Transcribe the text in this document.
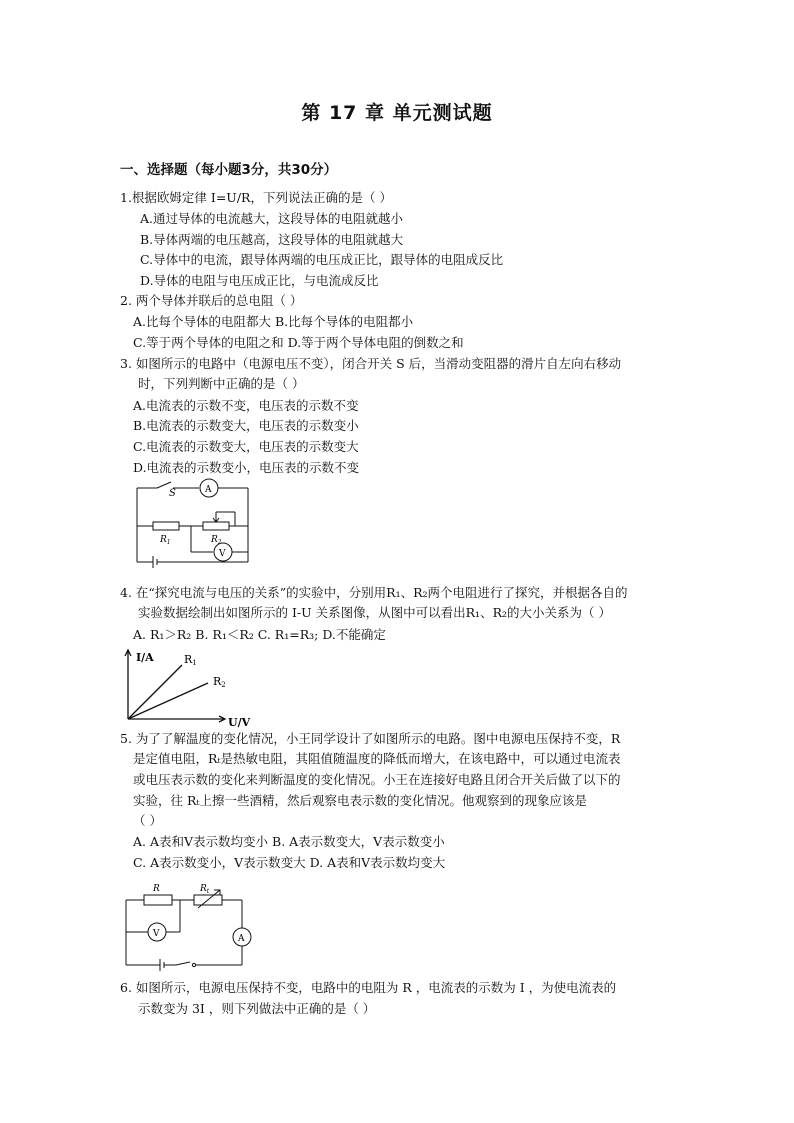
第 17 章 单元测试题
一、选择题（每小题3分，共30分）
1.根据欧姆定律 I=U/R，下列说法正确的是（ ）
A.通过导体的电流越大，这段导体的电阻就越小
B.导体两端的电压越高，这段导体的电阻就越大
C.导体中的电流，跟导体两端的电压成正比，跟导体的电阻成反比
D.导体的电阻与电压成正比，与电流成反比
2. 两个导体并联后的总电阻（ ）
A.比每个导体的电阻都大 B.比每个导体的电阻都小
C.等于两个导体的电阻之和 D.等于两个导体电阻的倒数之和
3. 如图所示的电路中（电源电压不变），闭合开关 S 后，当滑动变阻器的滑片自左向右移动
时，下列判断中正确的是（ ）
A.电流表的示数不变，电压表的示数不变
B.电流表的示数变大，电压表的示数变小
C.电流表的示数变大，电压表的示数变大
D.电流表的示数变小，电压表的示数不变
S	A
V
$R_1$	$R_2$
4. 在“探究电流与电压的关系”的实验中，分别用R₁、R₂两个电阻进行了探究，并根据各自的
实验数据绘制出如图所示的 I-U 关系图像，从图中可以看出R₁、R₂的大小关系为（ ）
A. R₁＞R₂ B. R₁＜R₂ C. R₁=R₃; D.不能确定
I/A
U/V
R1
R2
5. 为了了解温度的变化情况，小王同学设计了如图所示的电路。图中电源电压保持不变，R
是定值电阻，Rₜ是热敏电阻，其阻值随温度的降低而增大，在该电路中，可以通过电流表
或电压表示数的变化来判断温度的变化情况。小王在连接好电路且闭合开关后做了以下的
实验，往 Rₜ上擦一些酒精，然后观察电表示数的变化情况。他观察到的现象应该是
（ ）
A. A表和V表示数均变小 B. A表示数变大，V表示数变小
C. A表示数变小，V表示数变大 D. A表和V表示数均变大
R	$R_t$
V	A
6. 如图所示，电源电压保持不变，电路中的电阻为 R ，电流表的示数为 I ，为使电流表的
示数变为 3I ，则下列做法中正确的是（ ）
